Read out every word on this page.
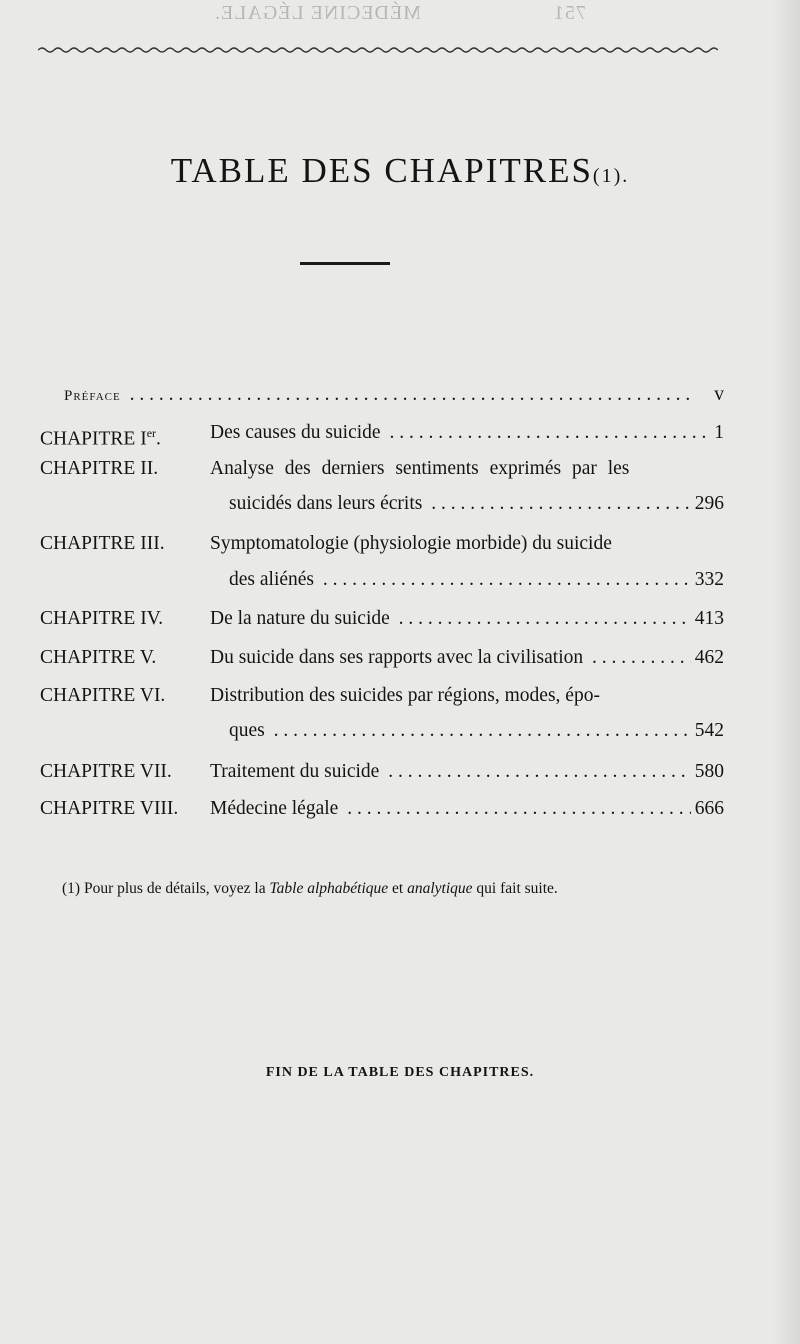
751                      MÉDECINE LÉGALE.
TABLE DES CHAPITRES(1).
Préface . . .	v
CHAPITRE Ier.	Des causes du suicide . . .	1
CHAPITRE II.	Analyse des derniers sentiments exprimés par les
suicidés dans leurs écrits . . .	296
CHAPITRE III. Symptomatologie (physiologie morbide) du suicide
des aliénés . . .	332
CHAPITRE IV. De la nature du suicide . . .	413
CHAPITRE V.	Du suicide dans ses rapports avec la civilisation . . .	462
CHAPITRE VI. Distribution des suicides par régions, modes, épo-
ques . . .	542
CHAPITRE VII. Traitement du suicide . . .	580
CHAPITRE VIII. Médecine légale . . .	666
(1) Pour plus de détails, voyez la Table alphabétique et analytique qui fait suite.
FIN DE LA TABLE DES CHAPITRES.
